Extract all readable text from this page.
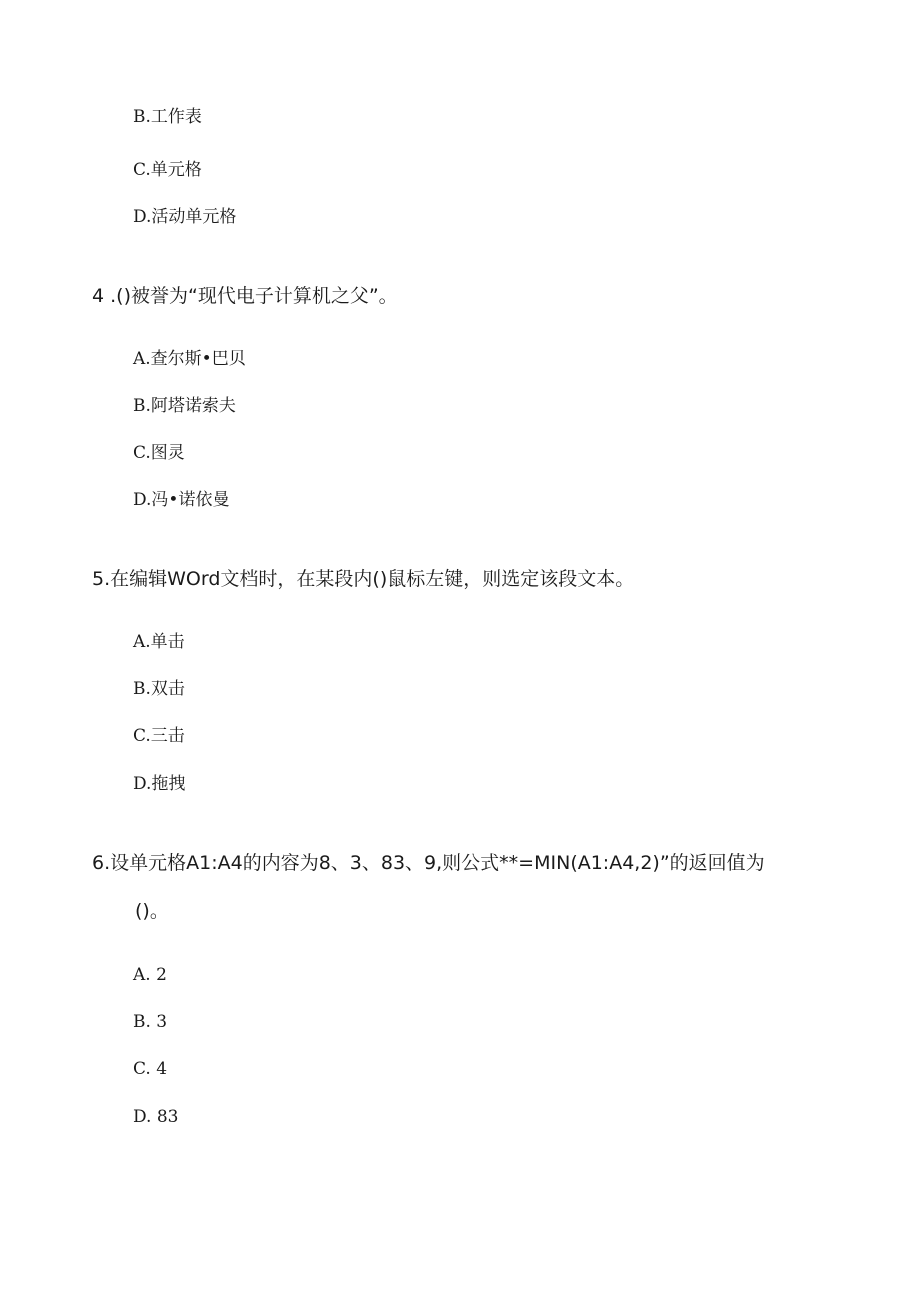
B.工作表
C.单元格
D.活动单元格
4 .()被誉为“现代电子计算机之父”。
A.查尔斯•巴贝
B.阿塔诺索夫
C.图灵
D.冯•诺依曼
5.在编辑WOrd文档时，在某段内()鼠标左键，则选定该段文本。
A.单击
B.双击
C.三击
D.拖拽
6.设单元格A1:A4的内容为8、3、83、9,则公式**=MIN(A1:A4,2)”的返回值为
()。
A. 2
B. 3
C. 4
D. 83
